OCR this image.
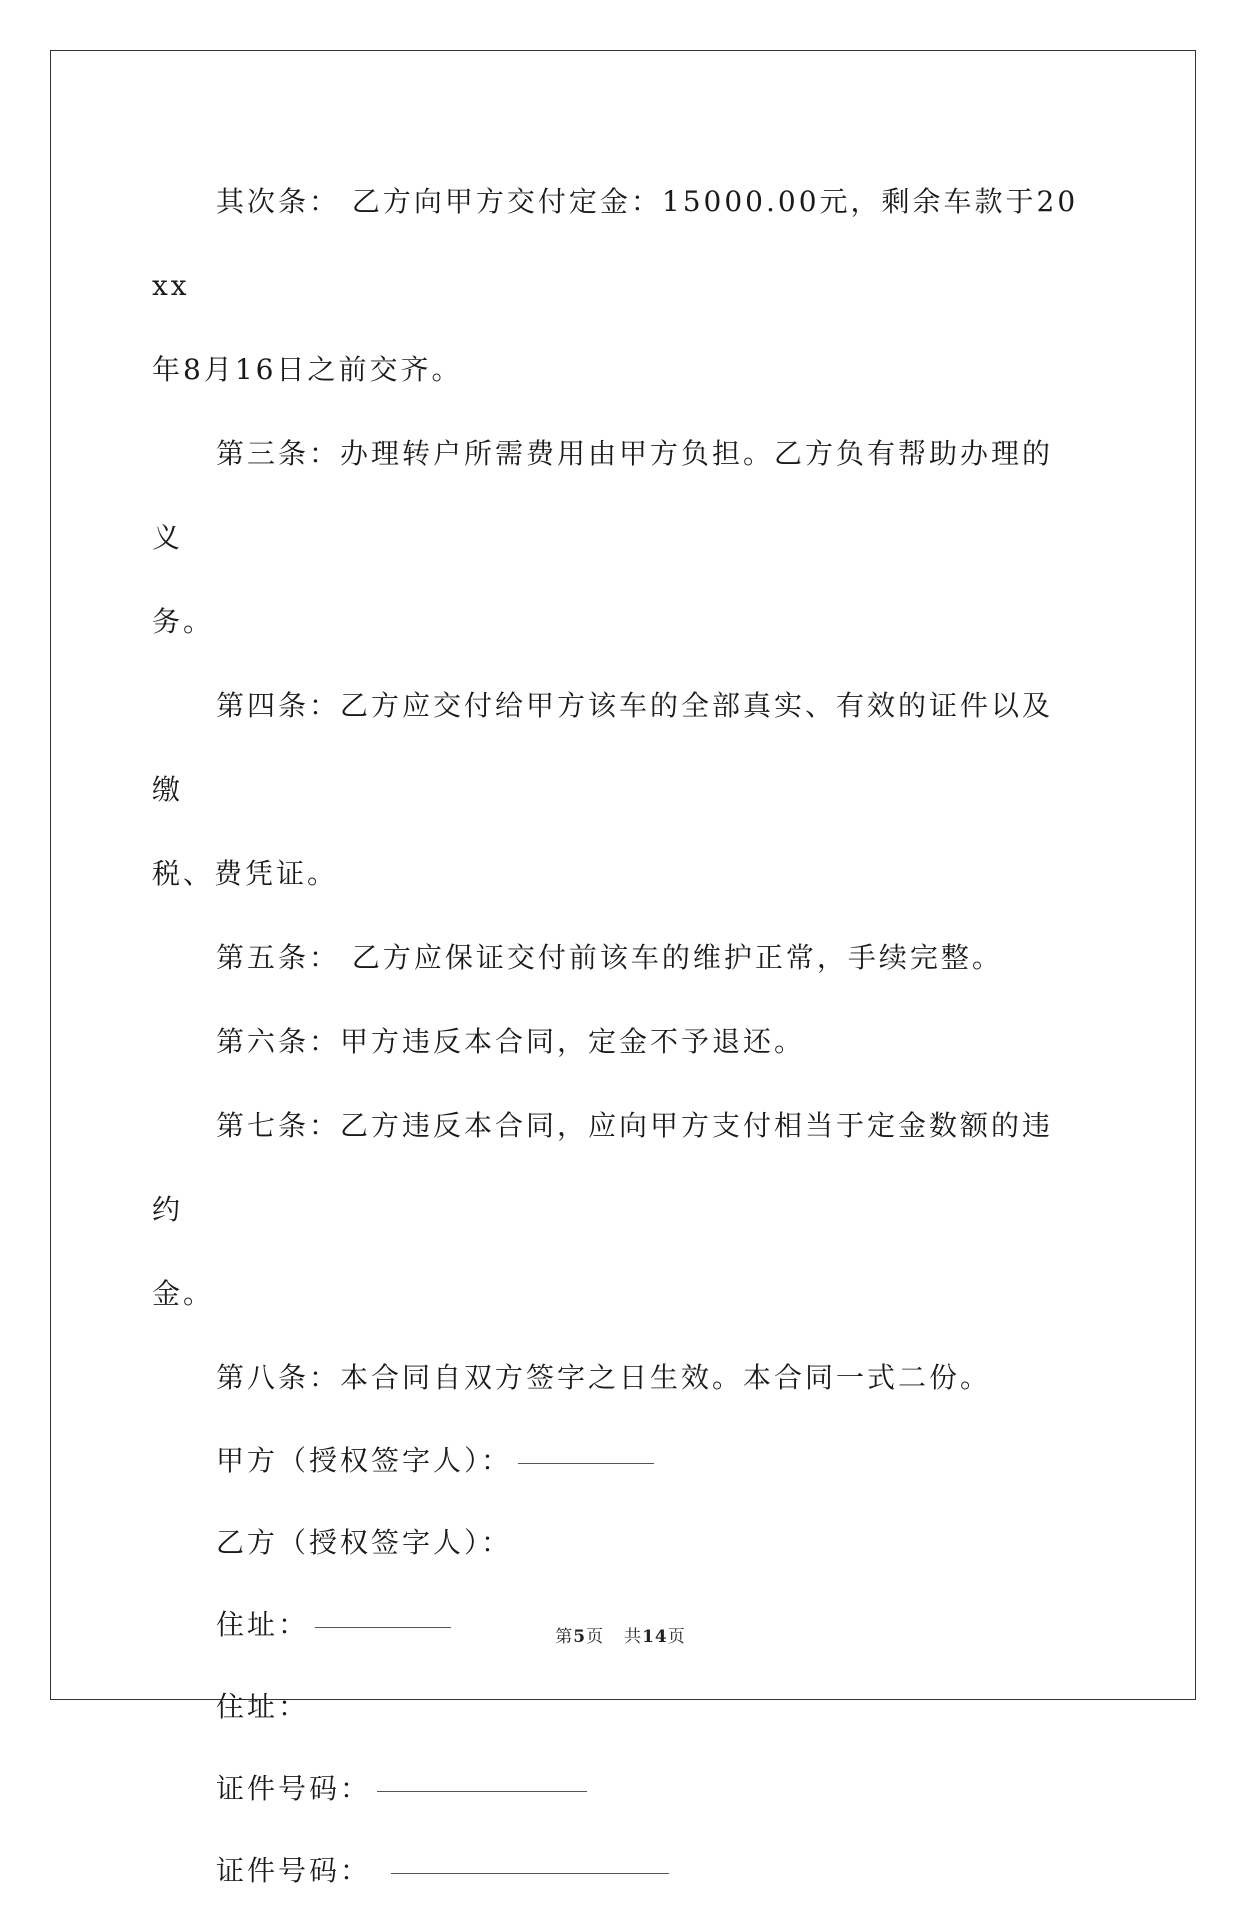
其次条： 乙方向甲方交付定金：15000.00元，剩余车款于20xx
年8月16日之前交齐。

第三条：办理转户所需费用由甲方负担。乙方负有帮助办理的义
务。

第四条：乙方应交付给甲方该车的全部真实、有效的证件以及缴
税、费凭证。

第五条： 乙方应保证交付前该车的维护正常，手续完整。

第六条：甲方违反本合同，定金不予退还。

第七条：乙方违反本合同，应向甲方支付相当于定金数额的违约
金。

第八条：本合同自双方签字之日生效。本合同一式二份。

甲方（授权签字人）：

乙方（授权签字人）：

住址：

住址：

证件号码：

证件号码：

第5页 共14页
